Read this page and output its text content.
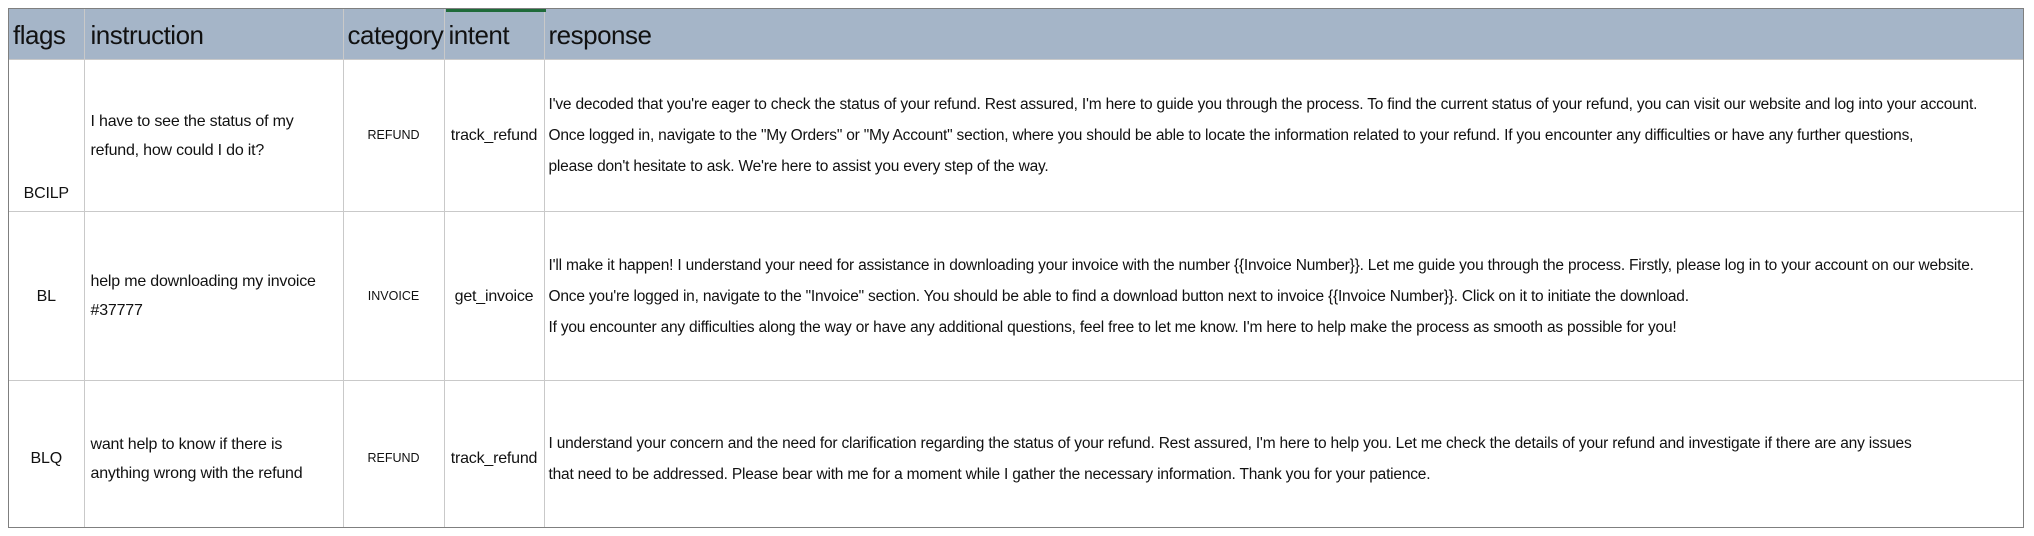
flags	instruction	category	intent	response
BCILP	I have to see the status of my refund, how could I do it?	REFUND	track_refund	I've decoded that you're eager to check the status of your refund. Rest assured, I'm here to guide you through the process. To find the current status of your refund, you can visit our website and log into your account.
Once logged in, navigate to the "My Orders" or "My Account" section, where you should be able to locate the information related to your refund. If you encounter any difficulties or have any further questions,
please don't hesitate to ask. We're here to assist you every step of the way.

BL	help me downloading my invoice #37777	INVOICE	get_invoice	I'll make it happen! I understand your need for assistance in downloading your invoice with the number {{Invoice Number}}. Let me guide you through the process. Firstly, please log in to your account on our website.
Once you're logged in, navigate to the "Invoice" section. You should be able to find a download button next to invoice {{Invoice Number}}. Click on it to initiate the download.
If you encounter any difficulties along the way or have any additional questions, feel free to let me know. I'm here to help make the process as smooth as possible for you!

BLQ	want help to know if there is anything wrong with the refund	REFUND	track_refund	I understand your concern and the need for clarification regarding the status of your refund. Rest assured, I'm here to help you. Let me check the details of your refund and investigate if there are any issues
that need to be addressed. Please bear with me for a moment while I gather the necessary information. Thank you for your patience.
